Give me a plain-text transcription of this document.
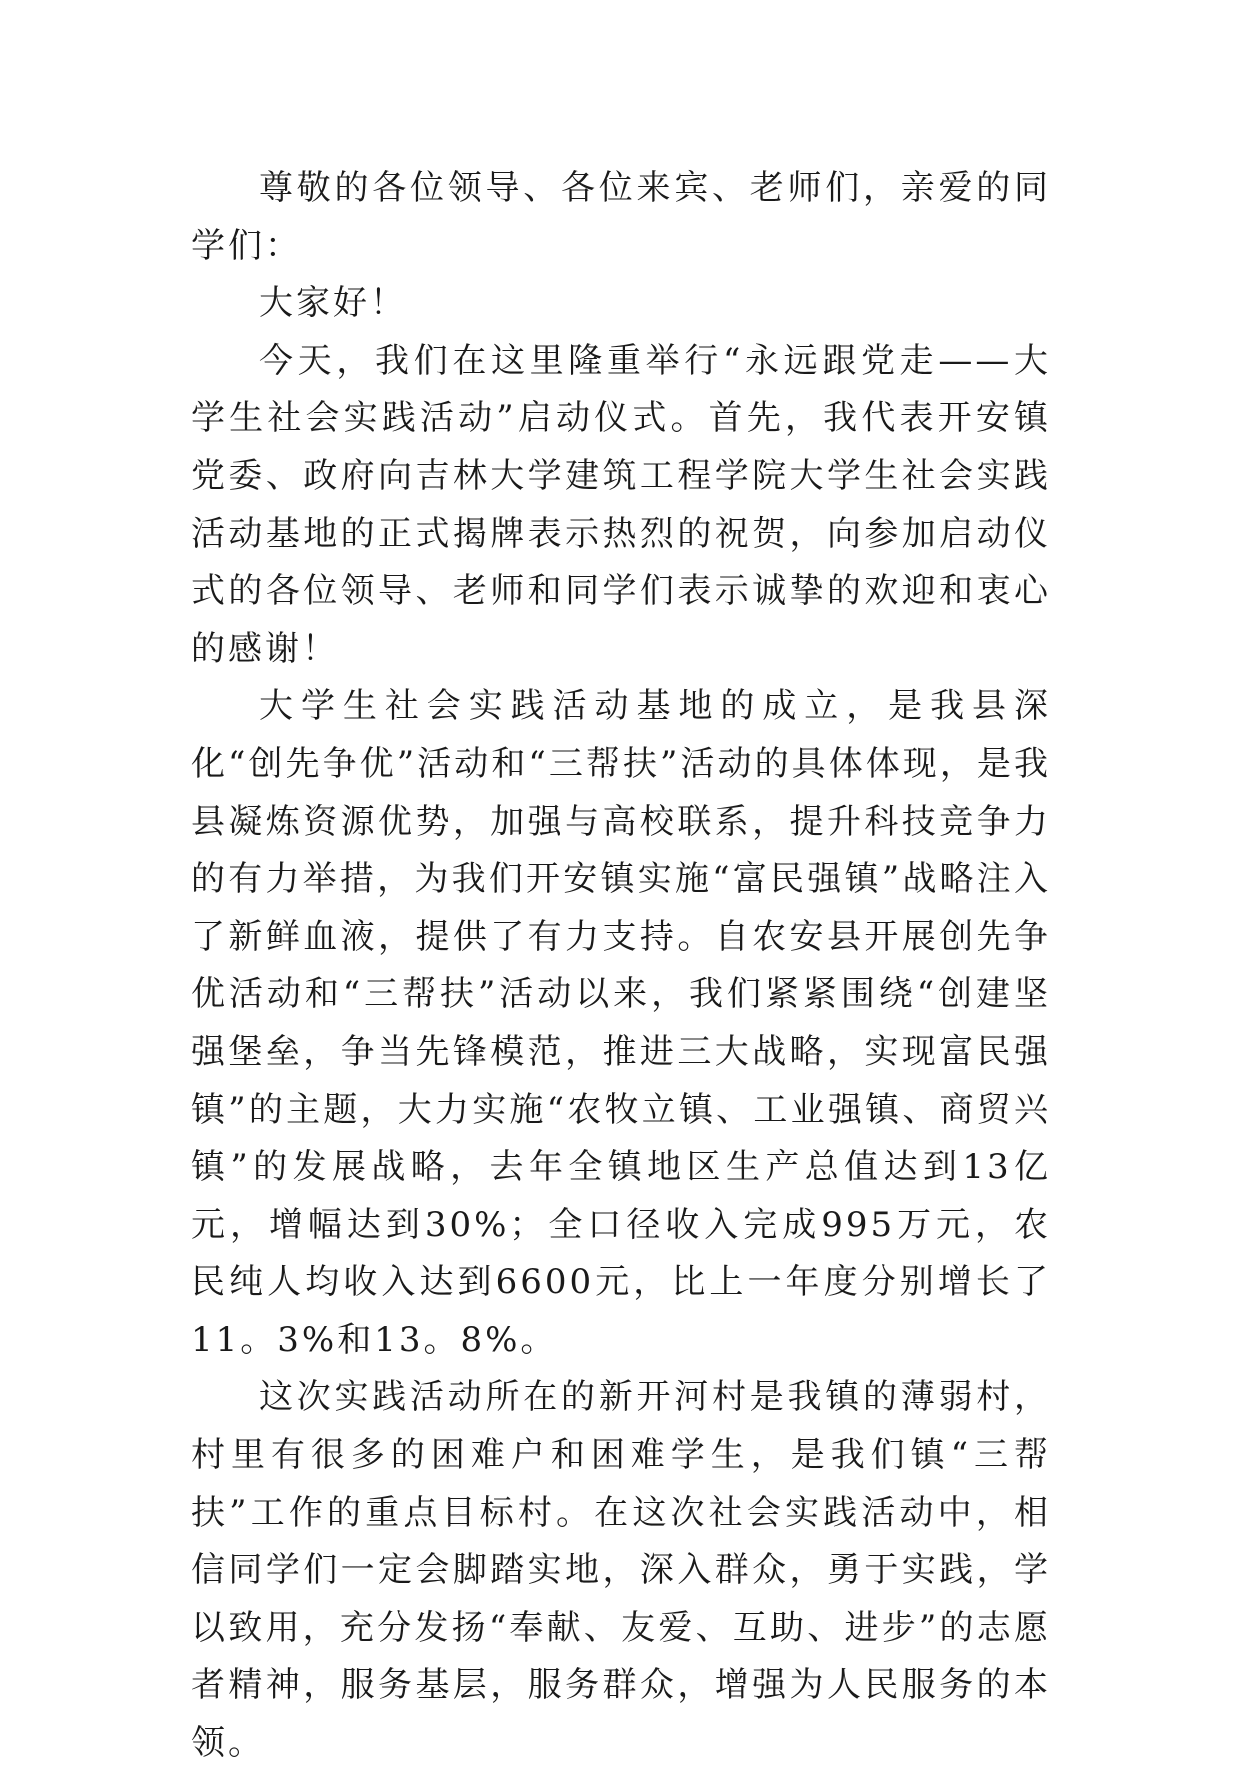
尊敬的各位领导、各位来宾、老师们，亲爱的同学们：

大家好！

今天，我们在这里隆重举行“永远跟党走——大学生社会实践活动”启动仪式。首先，我代表开安镇党委、政府向吉林大学建筑工程学院大学生社会实践活动基地的正式揭牌表示热烈的祝贺，向参加启动仪式的各位领导、老师和同学们表示诚挚的欢迎和衷心的感谢！

大学生社会实践活动基地的成立，是我县深化“创先争优”活动和“三帮扶”活动的具体体现，是我县凝炼资源优势，加强与高校联系，提升科技竞争力的有力举措，为我们开安镇实施“富民强镇”战略注入了新鲜血液，提供了有力支持。自农安县开展创先争优活动和“三帮扶”活动以来，我们紧紧围绕“创建坚强堡垒，争当先锋模范，推进三大战略，实现富民强镇”的主题，大力实施“农牧立镇、工业强镇、商贸兴镇”的发展战略，去年全镇地区生产总值达到13亿元，增幅达到30%；全口径收入完成995万元，农民纯人均收入达到6600元，比上一年度分别增长了11。3%和13。8%。

这次实践活动所在的新开河村是我镇的薄弱村，村里有很多的困难户和困难学生，是我们镇“三帮扶”工作的重点目标村。在这次社会实践活动中，相信同学们一定会脚踏实地，深入群众，勇于实践，学以致用，充分发扬“奉献、友爱、互助、进步”的志愿者精神，服务基层，服务群众，增强为人民服务的本领。
